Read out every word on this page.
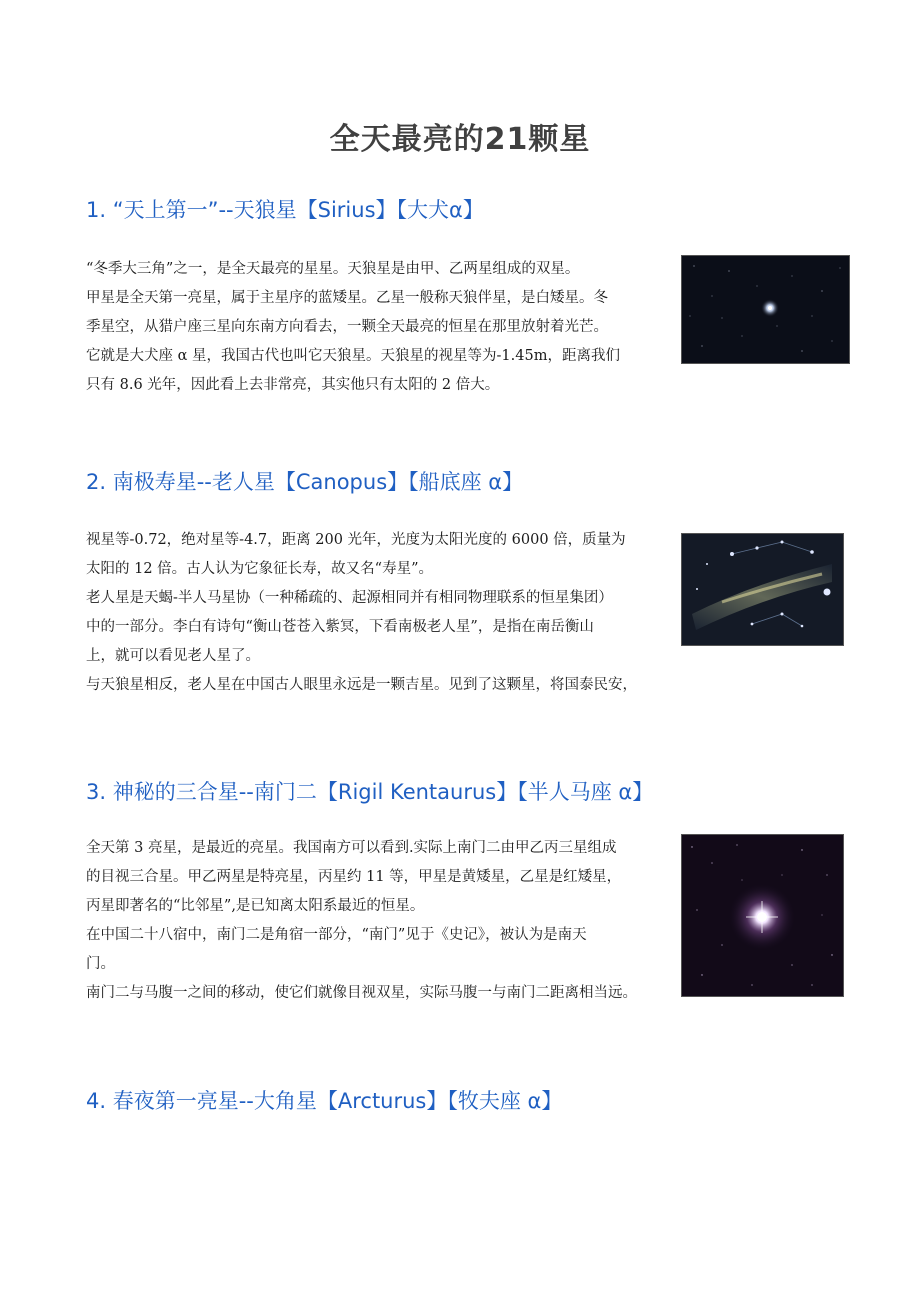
全天最亮的21颗星
1. “天上第一”--天狼星【Sirius】【大犬α】

“冬季大三角”之一，是全天最亮的星星。天狼星是由甲、乙两星组成的双星。

甲星是全天第一亮星，属于主星序的蓝矮星。乙星一般称天狼伴星，是白矮星。冬

季星空，从猎户座三星向东南方向看去，一颗全天最亮的恒星在那里放射着光芒。

它就是大犬座 α 星，我国古代也叫它天狼星。天狼星的视星等为-1.45m，距离我们

只有 8.6 光年，因此看上去非常亮，其实他只有太阳的 2 倍大。

2. 南极寿星--老人星【Canopus】【船底座 α】

视星等-0.72，绝对星等-4.7，距离 200 光年，光度为太阳光度的 6000 倍，质量为

太阳的 12 倍。古人认为它象征长寿，故又名“寿星”。

老人星是天蝎-半人马星协（一种稀疏的、起源相同并有相同物理联系的恒星集团）

中的一部分。李白有诗句“衡山苍苍入紫冥，下看南极老人星”，是指在南岳衡山

上，就可以看见老人星了。

与天狼星相反，老人星在中国古人眼里永远是一颗吉星。见到了这颗星，将国泰民安，

3. 神秘的三合星--南门二【Rigil Kentaurus】【半人马座 α】

全天第 3 亮星，是最近的亮星。我国南方可以看到.实际上南门二由甲乙丙三星组成

的目视三合星。甲乙两星是特亮星，丙星约 11 等，甲星是黄矮星，乙星是红矮星，

丙星即著名的“比邻星”,是已知离太阳系最近的恒星。

在中国二十八宿中，南门二是角宿一部分，“南门”见于《史记》，被认为是南天

门。

南门二与马腹一之间的移动，使它们就像目视双星，实际马腹一与南门二距离相当远。

4. 春夜第一亮星--大角星【Arcturus】【牧夫座 α】
